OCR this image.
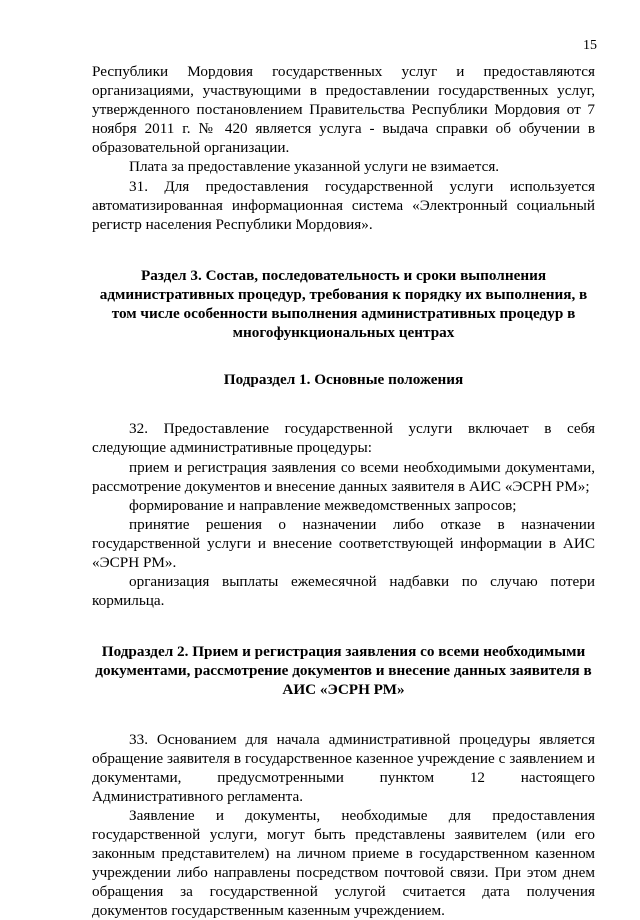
15

Республики Мордовия государственных услуг и предоставляются организациями, участвующими в предоставлении государственных услуг, утвержденного постановлением Правительства Республики Мордовия от 7 ноября 2011 г. № 420 является услуга - выдача справки об обучении в образовательной организации.

Плата за предоставление указанной услуги не взимается.

31. Для предоставления государственной услуги используется автоматизированная информационная система «Электронный социальный регистр населения Республики Мордовия».

Раздел 3. Состав, последовательность и сроки выполнения административных процедур, требования к порядку их выполнения, в том числе особенности выполнения административных процедур в многофункциональных центрах
Подраздел 1. Основные положения

32. Предоставление государственной услуги включает в себя следующие административные процедуры:

прием и регистрация заявления со всеми необходимыми документами, рассмотрение документов и внесение данных заявителя в АИС «ЭСРН РМ»;

формирование и направление межведомственных запросов;

принятие решения о назначении либо отказе в назначении государственной услуги и внесение соответствующей информации в АИС «ЭСРН РМ».

организация выплаты ежемесячной надбавки по случаю потери кормильца.

Подраздел 2. Прием и регистрация заявления со всеми необходимыми документами, рассмотрение документов и внесение данных заявителя в АИС «ЭСРН РМ»

33. Основанием для начала административной процедуры является обращение заявителя в государственное казенное учреждение с заявлением и документами, предусмотренными пунктом 12 настоящего Административного регламента.

Заявление и документы, необходимые для предоставления государственной услуги, могут быть представлены заявителем (или его законным представителем) на личном приеме в государственном казенном учреждении либо направлены посредством почтовой связи. При этом днем обращения за государственной услугой считается дата получения документов государственным казенным учреждением.
